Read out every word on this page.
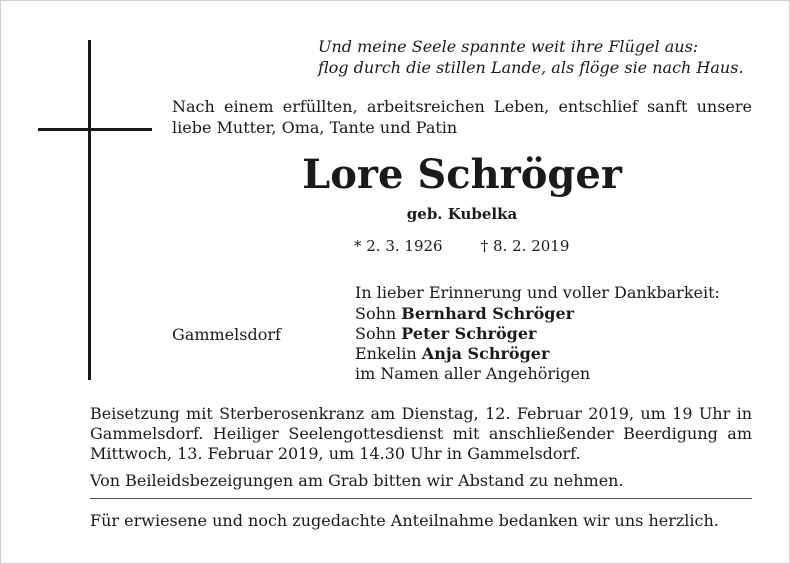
Und meine Seele spannte weit ihre Flügel aus:
flog durch die stillen Lande, als flöge sie nach Haus.
Nach einem erfüllten, arbeitsreichen Leben, entschlief sanft unsere liebe Mutter, Oma, Tante und Patin
Lore Schröger
geb. Kubelka
* 2. 3. 1926	† 8. 2. 2019
In lieber Erinnerung und voller Dankbarkeit:
Gammelsdorf
Sohn Bernhard Schröger
Sohn Peter Schröger
Enkelin Anja Schröger
im Namen aller Angehörigen
Beisetzung mit Sterberosenkranz am Dienstag, 12. Februar 2019, um 19 Uhr in Gammelsdorf. Heiliger Seelengottesdienst mit anschließender Beerdigung am Mittwoch, 13. Februar 2019, um 14.30 Uhr in Gammelsdorf.
Von Beileidsbezeigungen am Grab bitten wir Abstand zu nehmen.
Für erwiesene und noch zugedachte Anteilnahme bedanken wir uns herzlich.
